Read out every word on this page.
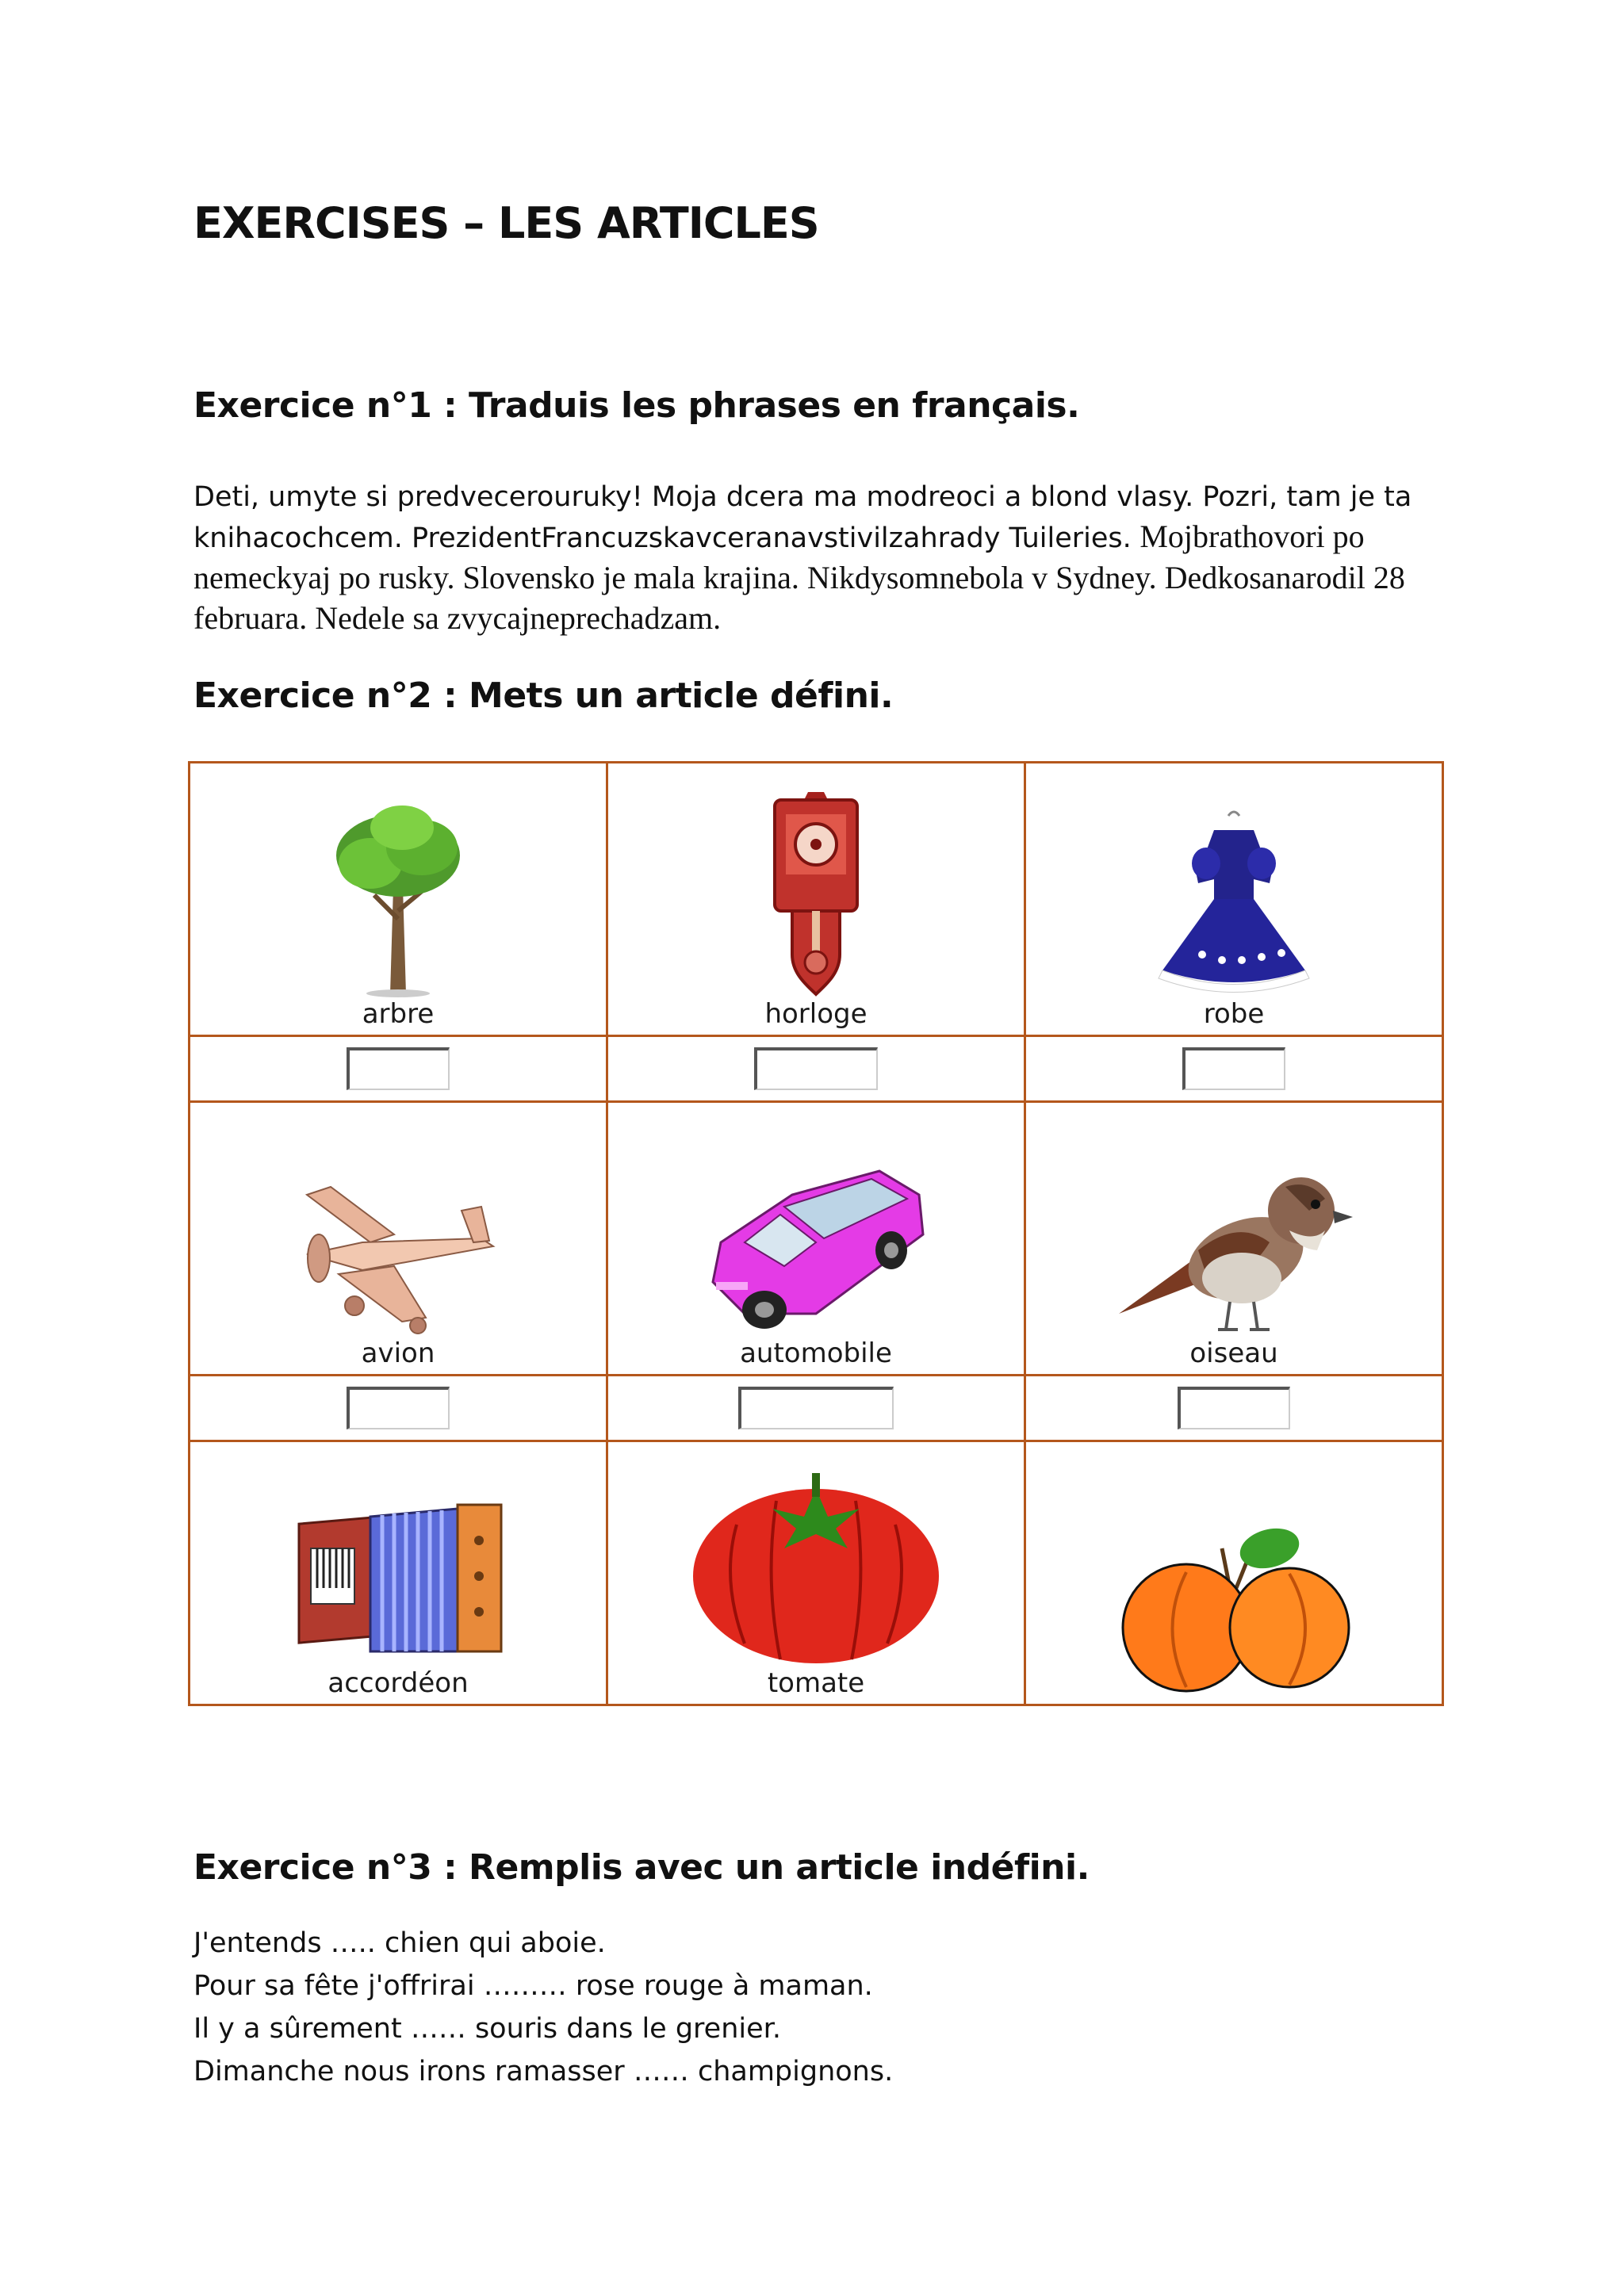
EXERCISES – LES ARTICLES
Exercice n°1 : Traduis les phrases en français.
Deti, umyte si predvecerouruky! Moja dcera ma modreoci a blond vlasy. Pozri, tam je ta knihacochcem. PrezidentFrancuzskavceranavstivilzahrady Tuileries. Mojbrathovori po nemeckyaj po rusky. Slovensko je mala krajina. Nikdysomnebola v Sydney. Dedkosanarodil 28 februara. Nedele sa zvycajneprechadzam.
Exercice n°2 : Mets un article défini.
arbre	horloge	robe

avion	automobile	oiseau

accordéon	tomate

Exercice n°3 : Remplis avec un article indéfini.
J'entends ….. chien qui aboie.
Pour sa fête j'offrirai ……… rose rouge à maman.
Il y a sûrement …… souris dans le grenier.
Dimanche nous irons ramasser …… champignons.
